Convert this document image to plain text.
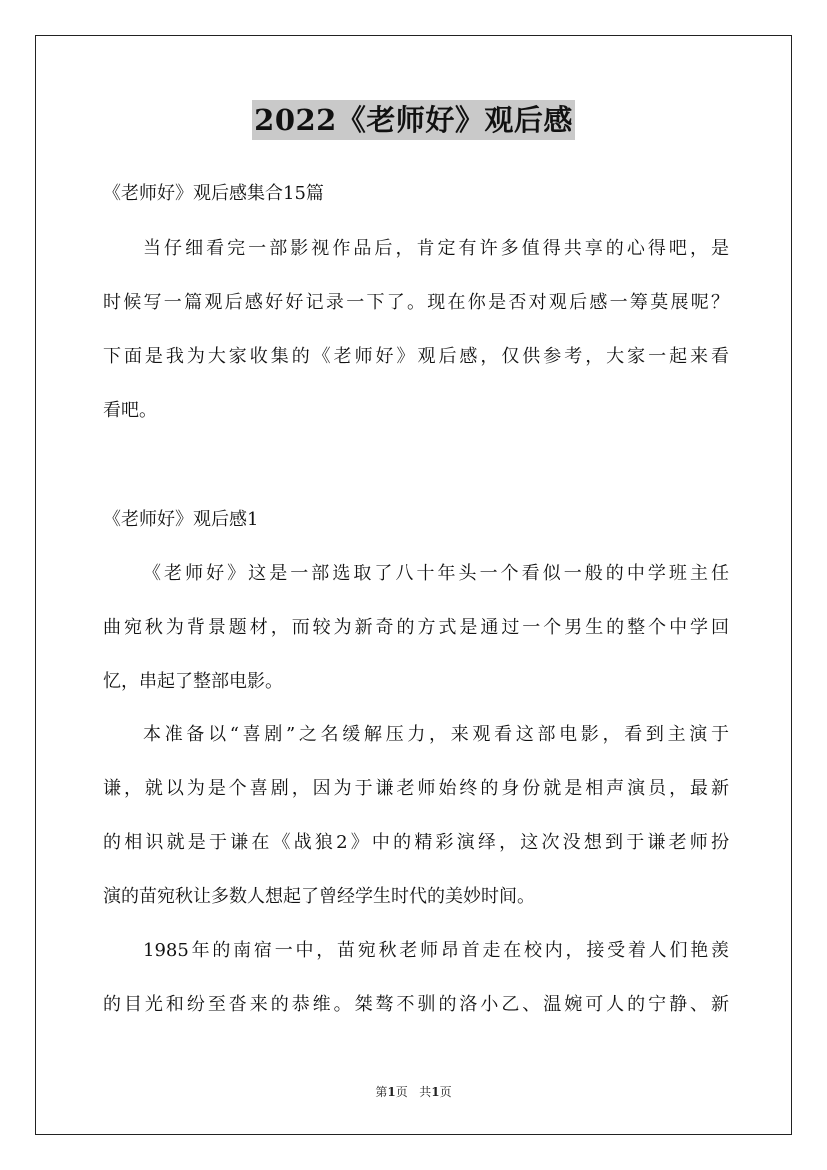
2022《老师好》观后感
《老师好》观后感集合15篇
当仔细看完一部影视作品后，肯定有许多值得共享的心得吧，是
时候写一篇观后感好好记录一下了。现在你是否对观后感一筹莫展呢？
下面是我为大家收集的《老师好》观后感，仅供参考，大家一起来看
看吧。
《老师好》观后感1
《老师好》这是一部选取了八十年头一个看似一般的中学班主任
曲宛秋为背景题材，而较为新奇的方式是通过一个男生的整个中学回
忆，串起了整部电影。
本准备以“喜剧”之名缓解压力，来观看这部电影，看到主演于
谦，就以为是个喜剧，因为于谦老师始终的身份就是相声演员，最新
的相识就是于谦在《战狼2》中的精彩演绎，这次没想到于谦老师扮
演的苗宛秋让多数人想起了曾经学生时代的美妙时间。
1985年的南宿一中，苗宛秋老师昂首走在校内，接受着人们艳羡
的目光和纷至沓来的恭维。桀骜不驯的洛小乙、温婉可人的宁静、新
第1页   共1页
